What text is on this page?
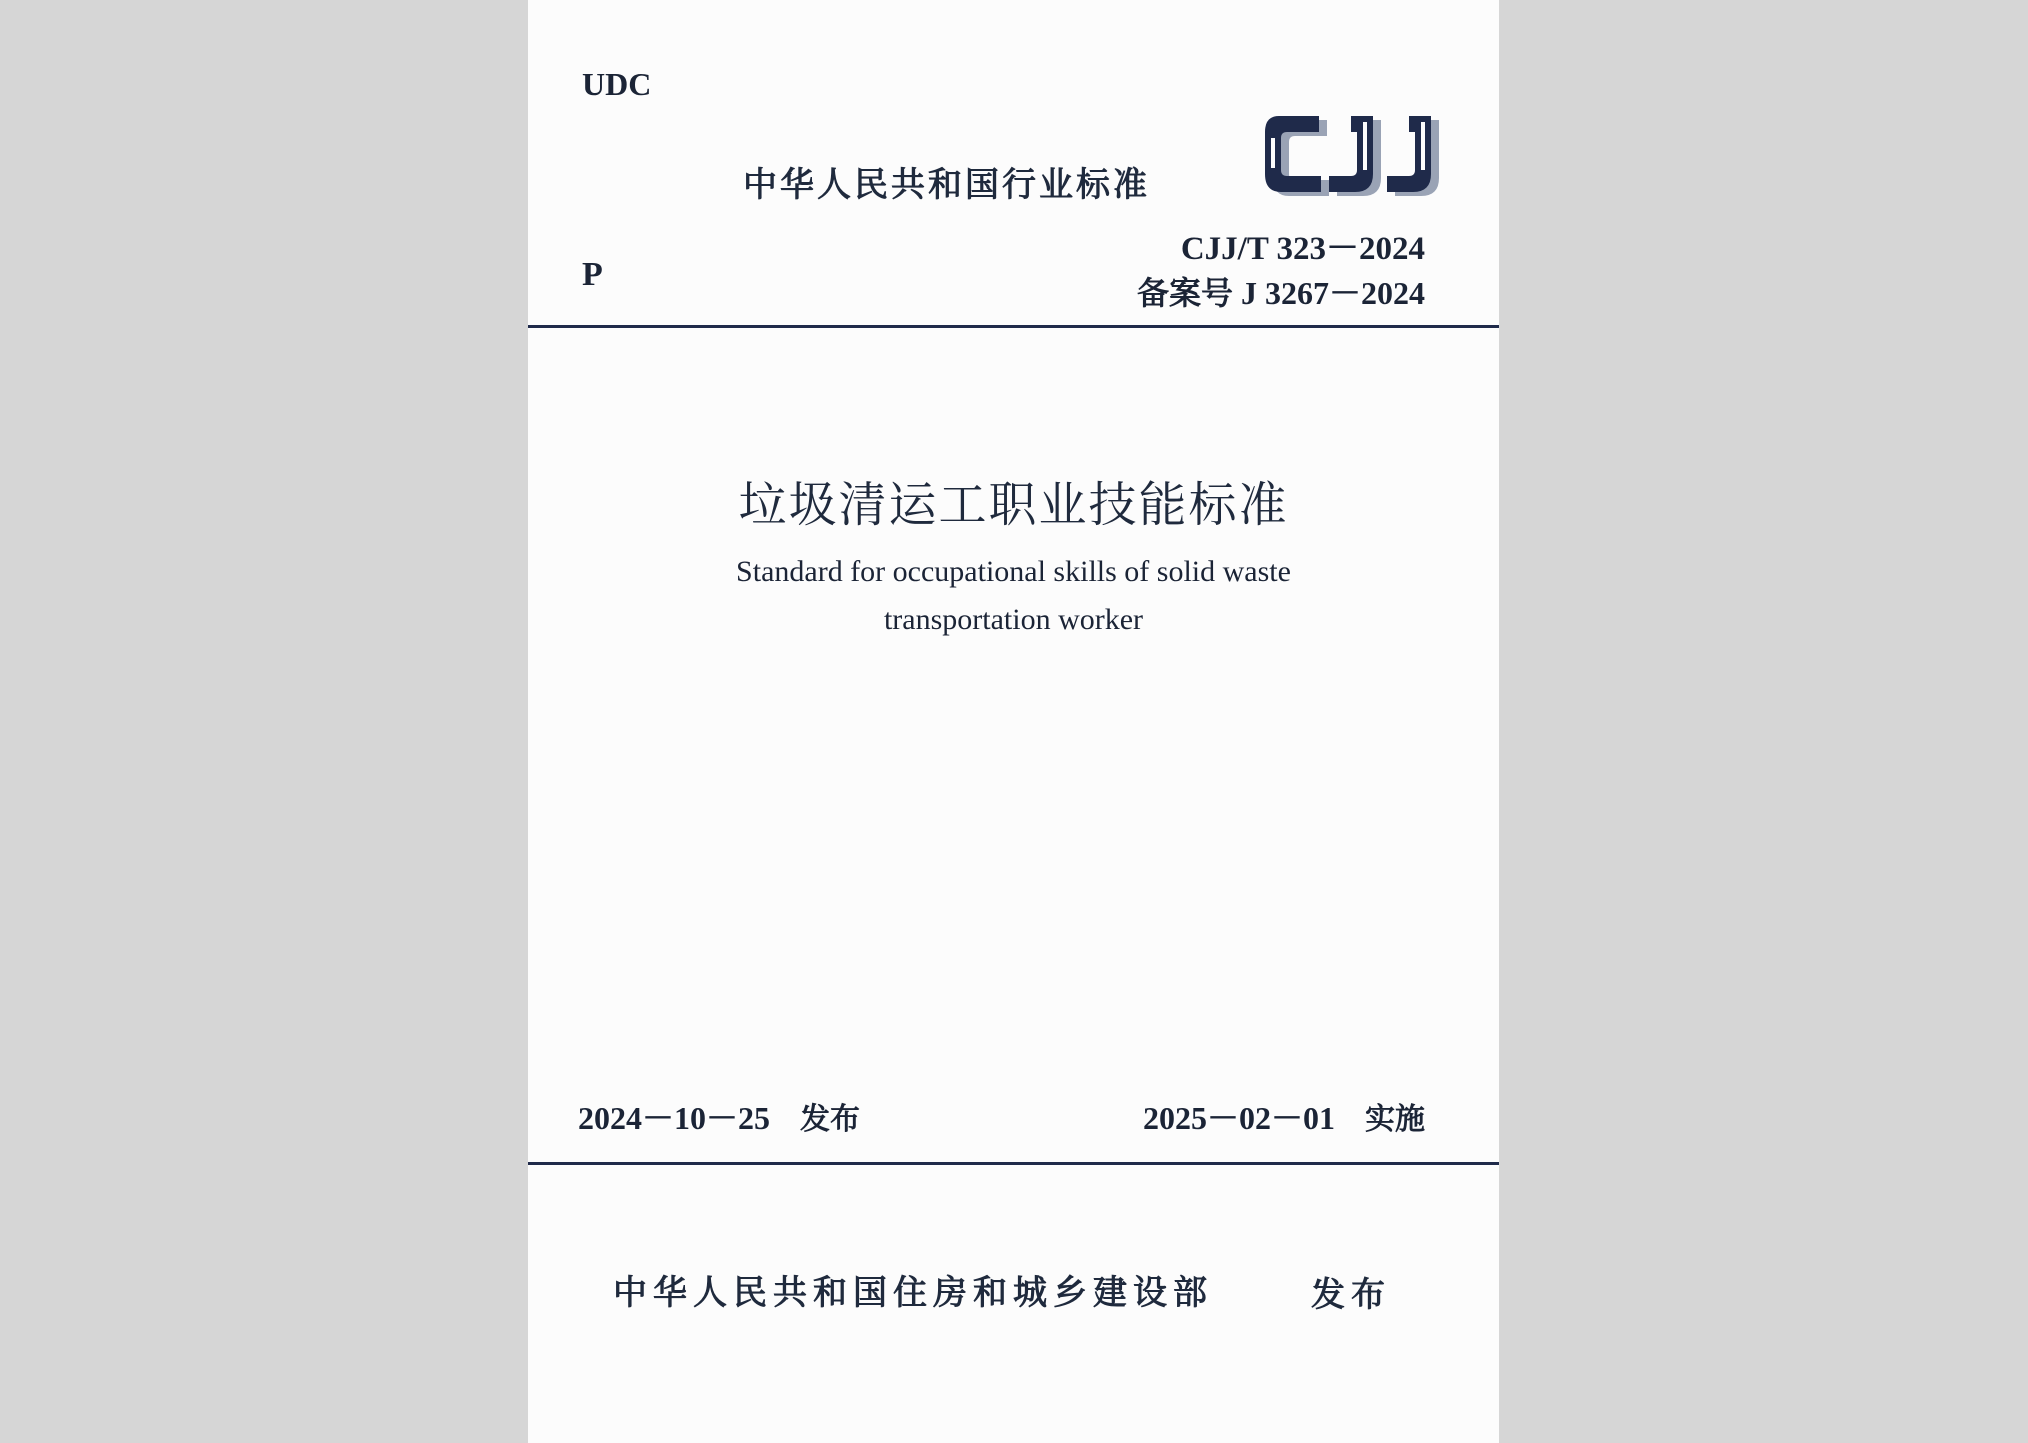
UDC
中华人民共和国行业标准
P
CJJ/T 323－2024
备案号 J 3267－2024
垃圾清运工职业技能标准
Standard for occupational skills of solid waste
transportation worker
2024－10－25 发布	2025－02－01 实施
中华人民共和国住房和城乡建设部	发布
